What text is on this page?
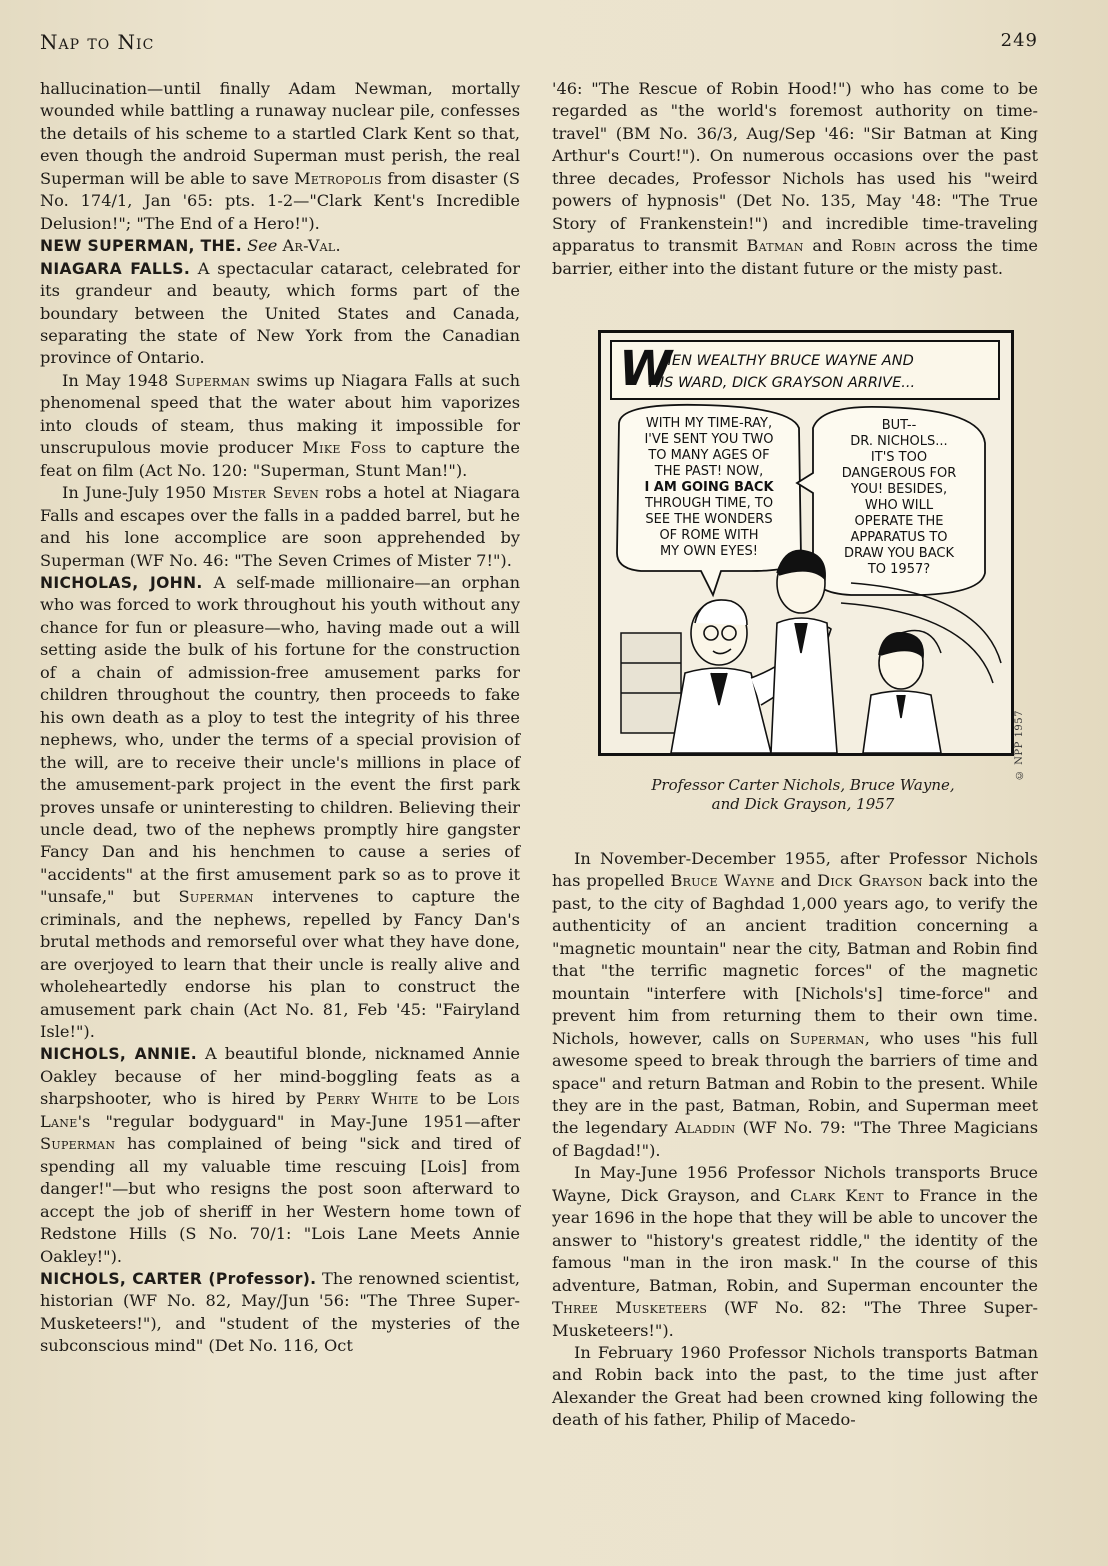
Nap to Nic	249

hallucination—until finally Adam Newman, mortally wounded while battling a runaway nuclear pile, confesses the details of his scheme to a startled Clark Kent so that, even though the android Superman must perish, the real Superman will be able to save Metropolis from disaster (S No. 174/1, Jan '65: pts. 1-2—"Clark Kent's Incredible Delusion!"; "The End of a Hero!").

NEW SUPERMAN, THE. See Ar-Val.

NIAGARA FALLS. A spectacular cataract, celebrated for its grandeur and beauty, which forms part of the boundary between the United States and Canada, separating the state of New York from the Canadian province of Ontario.

In May 1948 Superman swims up Niagara Falls at such phenomenal speed that the water about him vaporizes into clouds of steam, thus making it impossible for unscrupulous movie producer Mike Foss to capture the feat on film (Act No. 120: "Superman, Stunt Man!").

In June-July 1950 Mister Seven robs a hotel at Niagara Falls and escapes over the falls in a padded barrel, but he and his lone accomplice are soon apprehended by Superman (WF No. 46: "The Seven Crimes of Mister 7!").

NICHOLAS, JOHN. A self-made millionaire—an orphan who was forced to work throughout his youth without any chance for fun or pleasure—who, having made out a will setting aside the bulk of his fortune for the construction of a chain of admission-free amusement parks for children throughout the country, then proceeds to fake his own death as a ploy to test the integrity of his three nephews, who, under the terms of a special provision of the will, are to receive their uncle's millions in place of the amusement-park project in the event the first park proves unsafe or uninteresting to children. Believing their uncle dead, two of the nephews promptly hire gangster Fancy Dan and his henchmen to cause a series of "accidents" at the first amusement park so as to prove it "unsafe," but Superman intervenes to capture the criminals, and the nephews, repelled by Fancy Dan's brutal methods and remorseful over what they have done, are overjoyed to learn that their uncle is really alive and wholeheartedly endorse his plan to construct the amusement park chain (Act No. 81, Feb '45: "Fairyland Isle!").

NICHOLS, ANNIE. A beautiful blonde, nicknamed Annie Oakley because of her mind-boggling feats as a sharpshooter, who is hired by Perry White to be Lois Lane's "regular bodyguard" in May-June 1951—after Superman has complained of being "sick and tired of spending all my valuable time rescuing [Lois] from danger!"—but who resigns the post soon afterward to accept the job of sheriff in her Western home town of Redstone Hills (S No. 70/1: "Lois Lane Meets Annie Oakley!").

NICHOLS, CARTER (Professor). The renowned scientist, historian (WF No. 82, May/Jun '56: "The Three Super-Musketeers!"), and "student of the mysteries of the subconscious mind" (Det No. 116, Oct

'46: "The Rescue of Robin Hood!") who has come to be regarded as "the world's foremost authority on time-travel" (BM No. 36/3, Aug/Sep '46: "Sir Batman at King Arthur's Court!"). On numerous occasions over the past three decades, Professor Nichols has used his "weird powers of hypnosis" (Det No. 135, May '48: "The True Story of Frankenstein!") and incredible time-traveling apparatus to transmit Batman and Robin across the time barrier, either into the distant future or the misty past.

W
HEN WEALTHY BRUCE WAYNE AND
HIS WARD, DICK GRAYSON ARRIVE...
WITH MY TIME-RAY,
I'VE SENT YOU TWO
TO MANY AGES OF
THE PAST! NOW,
I AM GOING BACK
THROUGH TIME, TO
SEE THE WONDERS
OF ROME WITH
MY OWN EYES!
BUT--
DR. NICHOLS...
IT'S TOO
DANGEROUS FOR
YOU! BESIDES,
WHO WILL
OPERATE THE
APPARATUS TO
DRAW YOU BACK
TO 1957?
© NPP 1957

Professor Carter Nichols, Bruce Wayne,

and Dick Grayson, 1957

In November-December 1955, after Professor Nichols has propelled Bruce Wayne and Dick Grayson back into the past, to the city of Baghdad 1,000 years ago, to verify the authenticity of an ancient tradition concerning a "magnetic mountain" near the city, Batman and Robin find that "the terrific magnetic forces" of the magnetic mountain "interfere with [Nichols's] time-force" and prevent him from returning them to their own time. Nichols, however, calls on Superman, who uses "his full awesome speed to break through the barriers of time and space" and return Batman and Robin to the present. While they are in the past, Batman, Robin, and Superman meet the legendary Aladdin (WF No. 79: "The Three Magicians of Bagdad!").

In May-June 1956 Professor Nichols transports Bruce Wayne, Dick Grayson, and Clark Kent to France in the year 1696 in the hope that they will be able to uncover the answer to "history's greatest riddle," the identity of the famous "man in the iron mask." In the course of this adventure, Batman, Robin, and Superman encounter the Three Musketeers (WF No. 82: "The Three Super-Musketeers!").

In February 1960 Professor Nichols transports Batman and Robin back into the past, to the time just after Alexander the Great had been crowned king following the death of his father, Philip of Macedo-
